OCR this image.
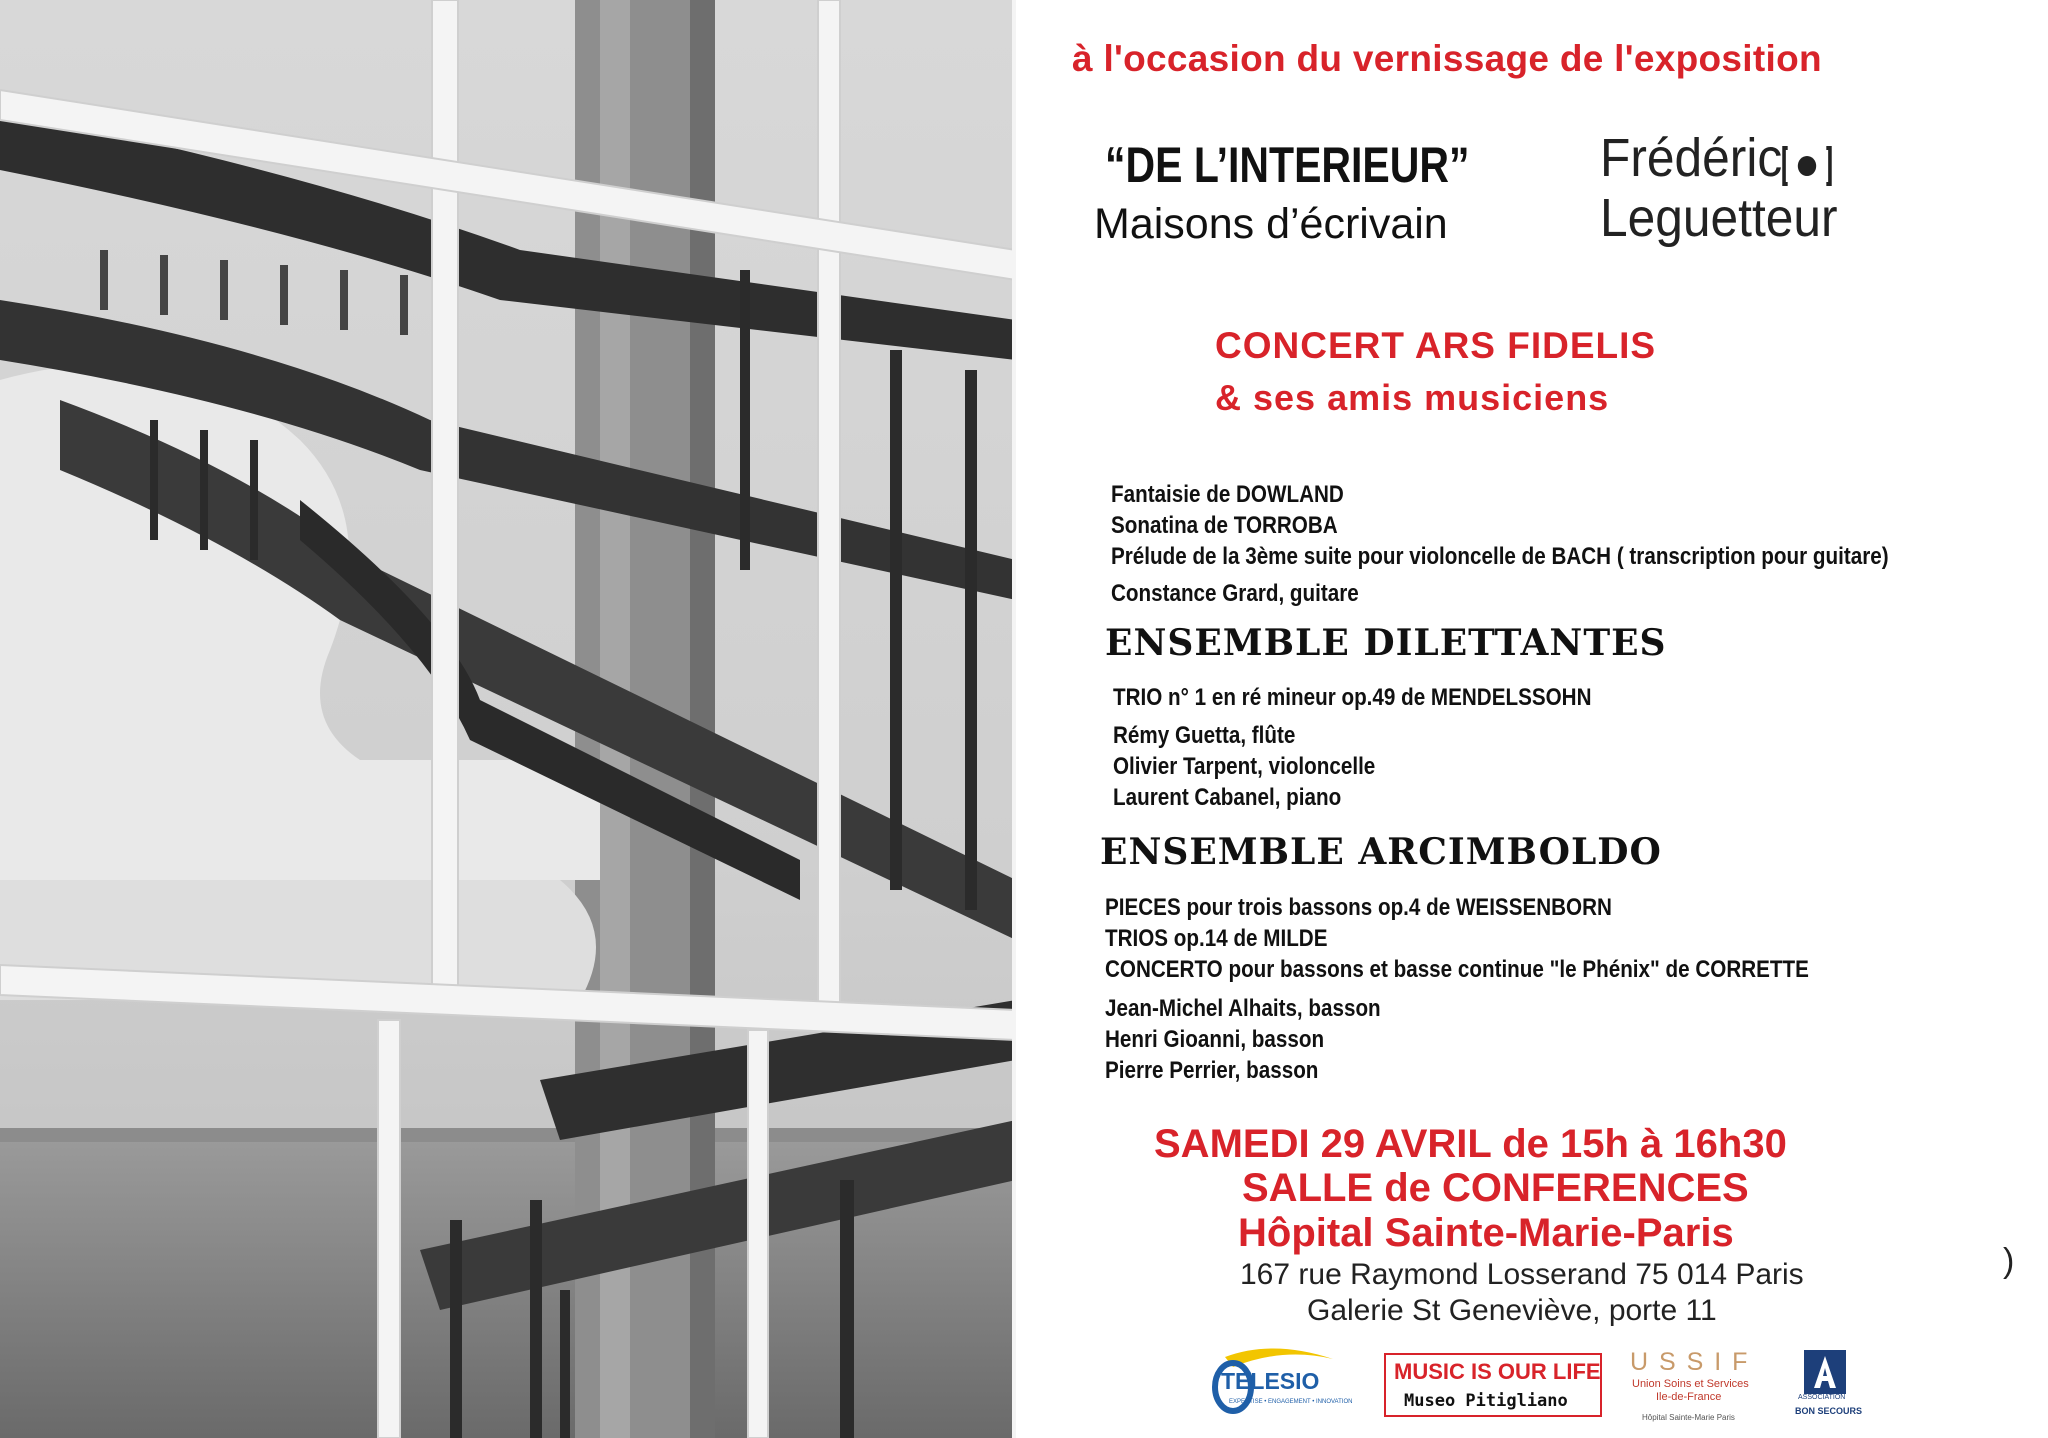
à l'occasion du vernissage de l'exposition
“DE L’INTERIEUR”
Maisons d’écrivain
Frédéric
Leguetteur
CONCERT ARS FIDELIS
& ses amis musiciens
Fantaisie de DOWLAND
Sonatina de TORROBA
Prélude de la 3ème suite pour violoncelle de BACH ( transcription pour guitare)
Constance Grard, guitare
ENSEMBLE DILETTANTES
TRIO n° 1 en ré mineur op.49 de MENDELSSOHN
Rémy Guetta, flûte
Olivier Tarpent, violoncelle
Laurent Cabanel, piano
ENSEMBLE ARCIMBOLDO
PIECES pour trois bassons op.4 de WEISSENBORN
TRIOS op.14 de MILDE
CONCERTO pour bassons et basse continue "le Phénix" de CORRETTE
Jean-Michel Alhaits, basson
Henri Gioanni, basson
Pierre Perrier, basson
SAMEDI 29 AVRIL de 15h à 16h30
SALLE de CONFERENCES
Hôpital Sainte-Marie-Paris
167 rue Raymond Losserand 75 014 Paris
Galerie St Geneviève, porte 11
)
TELESIO
EXPERTISE • ENGAGEMENT • INNOVATION
MUSIC IS OUR LIFE
Museo Pitigliano
U S S I F
Union Soins et Services
Ile-de-France
Hôpital Sainte-Marie Paris
ASSOCIATION
BON SECOURS
